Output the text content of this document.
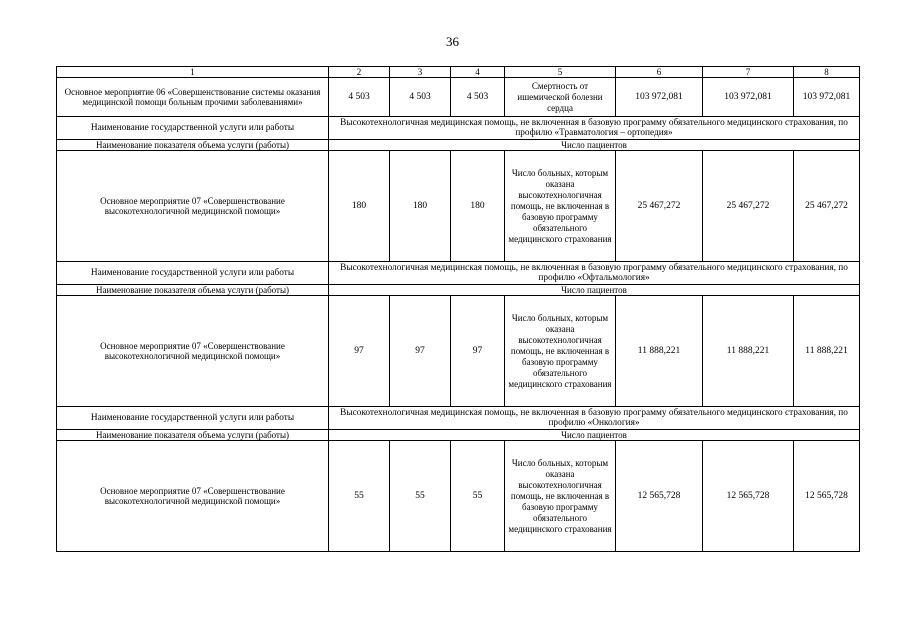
36
1	2	3	4	5	6	7	8
Основное мероприятие 06 «Совершенствование системы оказания медицинской помощи больным прочими заболеваниями»	4 503	4 503	4 503	Смертность от ишемической болезни сердца	103 972,081	103 972,081	103 972,081
Наименование государственной услуги или работы	Высокотехнологичная медицинская помощь, не включенная в базовую программу обязательного медицинского страхования, по профилю «Травматология – ортопедия»						
Наименование показателя объема услуги (работы)	Число пациентов						
Основное мероприятие 07 «Совершенствование высокотехнологичной медицинской помощи»	180	180	180	Число больных, которым оказана высокотехнологичная помощь, не включенная в базовую программу обязательного медицинского страхования	25 467,272	25 467,272	25 467,272
Наименование государственной услуги или работы	Высокотехнологичная медицинская помощь, не включенная в базовую программу обязательного медицинского страхования, по профилю «Офтальмология»						
Наименование показателя объема услуги (работы)	Число пациентов						
Основное мероприятие 07 «Совершенствование высокотехнологичной медицинской помощи»	97	97	97	Число больных, которым оказана высокотехнологичная помощь, не включенная в базовую программу обязательного медицинского страхования	11 888,221	11 888,221	11 888,221
Наименование государственной услуги или работы	Высокотехнологичная медицинская помощь, не включенная в базовую программу обязательного медицинского страхования, по профилю «Онкология»						
Наименование показателя объема услуги (работы)	Число пациентов						
Основное мероприятие 07 «Совершенствование высокотехнологичной медицинской помощи»	55	55	55	Число больных, которым оказана высокотехнологичная помощь, не включенная в базовую программу обязательного медицинского страхования	12 565,728	12 565,728	12 565,728
